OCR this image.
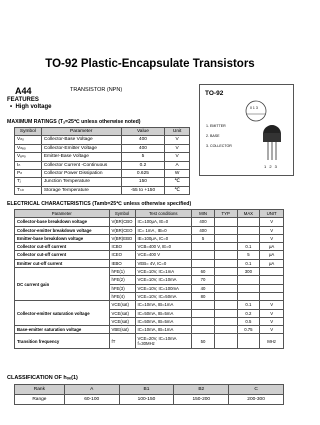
TO-92 Plastic-Encapsulate Transistors
A44	TRANSISTOR (NPN)
FEATURES
• High voltage
MAXIMUM RATINGS (Tₐ=25℃ unless otherwise noted)
Symbol	Parameter	Value	Unit
Vₙₒ	Collector-Base Voltage	400	V
Vₙₑₒ	Collector-Emitter Voltage	400	V
Vₑₙₒ	Emitter-Base Voltage	5	V
Iₙ	Collector Current -Continuous	0.2	A
Pₙ	Collector Power Dissipation	0.625	W
Tⱼ	Junction Temperature	150	℃
Tₛₜₗ	Storage Temperature	-55 to +150	℃
TO-92
0 1 3
1. EMITTER
2. BASE
3. COLLECTOR
1 2 3
ELECTRICAL CHARACTERISTICS (Tamb=25℃ unless otherwise specified)
Parameter	Symbol	Test conditions	MIN	TYP	MAX	UNIT
Collector-base breakdown voltage	V(BR)CBO	IC=100μA, IE=0	400			V
Collector-emitter breakdown voltage	V(BR)CEO	IC= 1mA , IB=0	400			V
Emitter-base breakdown voltage	V(BR)EBO	IE=100μA, IC=0	5			V
Collector cut-off current	ICBO	VCB=400 V, IE=0			0.1	μA
Collector cut-off current	ICEO	VCE=400 V			5	μA
Emitter cut-off current	IEBO	VEB= 4V, IC=0			0.1	μA
DC current gain	hFE(1)	VCE=10V, IC=1mA	60		300	
	hFE(2)	VCE=10V, IC=10mA	70			
	hFE(3)	VCE=10V, IC=100mA	40			
	hFE(4)	VCE=10V, IC=50mA	80			
Collector-emitter saturation voltage	VCE(sat)	IC=10mA, IB=1mA			0.1	V
	VCE(sat)	IC=50mA, IB=5mA			0.2	V
	VCE(sat)	IC=50mA, IB=5mA			0.5	V
Base-emitter saturation voltage	VBE(sat)	IC=10mA, IB=1mA			0.75	V
Transition frequency	fT	VCE=20V, IC=10mA f=30MHz	50			MHz
CLASSIFICATION OF hₒₑ(1)
Rank	A	B1	B2	C
Range	60-100	100-150	150-200	200-300
